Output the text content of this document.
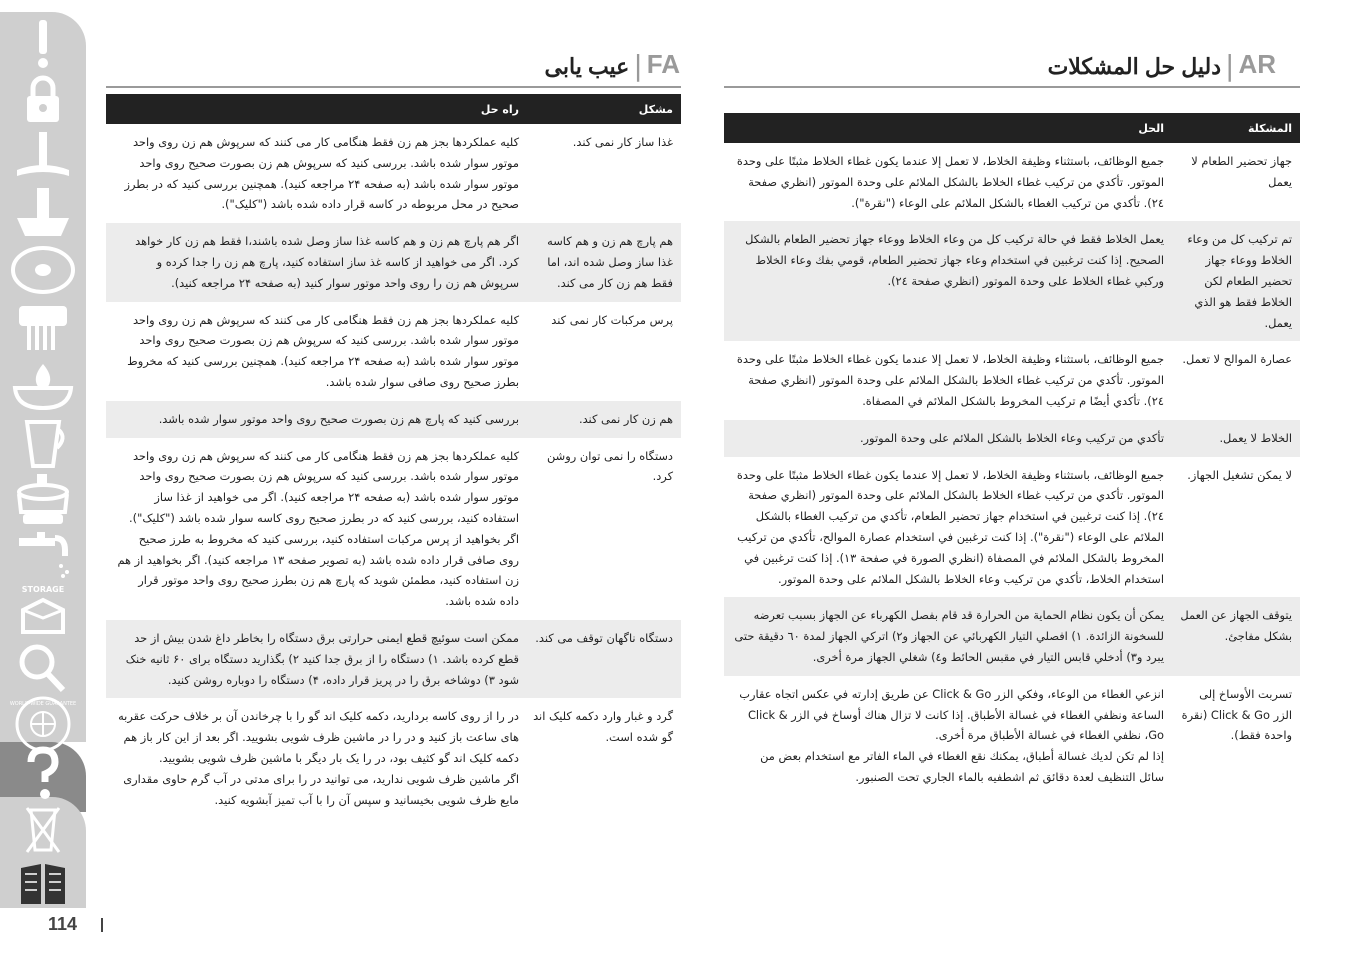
STORAGE
WORLD-WIDE GUARANTEE
114
عیب یابی | FA	دليل حل المشكلات | AR
مشکل
راه حل
غذا ساز کار نمی کند.
کلیه عملکردها بجز هم زن فقط هنگامی کار می کنند که سرپوش هم زن روی واحد موتور سوار شده باشد. بررسی کنید که سرپوش هم زن بصورت صحیح روی واحد موتور سوار شده باشد (به صفحه ۲۴ مراجعه کنید). همچنین بررسی کنید که در بطرز صحیح در محل مربوطه در کاسه قرار داده شده باشد ("کلیک").
هم پارچ هم زن و هم کاسه غذا ساز وصل شده اند، اما فقط هم زن کار می کند.
اگر هم پارچ هم زن و هم کاسه غذا ساز وصل شده باشند،ا فقط هم زن کار خواهد کرد. اگر می خواهید از کاسه غذ ساز استفاده کنید، پارچ هم زن را جدا کرده و سرپوش هم زن را روی واحد موتور سوار کنید (به صفحه ۲۴ مراجعه کنید).
پرس مرکبات کار نمی کند
کلیه عملکردها بجز هم زن فقط هنگامی کار می کنند که سرپوش هم زن روی واحد موتور سوار شده باشد. بررسی کنید که سرپوش هم زن بصورت صحیح روی واحد موتور سوار شده باشد (به صفحه ۲۴ مراجعه کنید). همچنین بررسی کنید که مخروط بطرز صحیح روی صافی سوار شده باشد.
هم زن کار نمی کند.
بررسی کنید که پارچ هم زن بصورت صحیح روی واحد موتور سوار شده باشد.
دستگاه را نمی توان روشن کرد.
کلیه عملکردها بجز هم زن فقط هنگامی کار می کنند که سرپوش هم زن روی واحد موتور سوار شده باشد. بررسی کنید که سرپوش هم زن بصورت صحیح روی واحد موتور سوار شده باشد (به صفحه ۲۴ مراجعه کنید). اگر می خواهید از غذا ساز استفاده کنید، بررسی کنید که در بطرز صحیح روی کاسه سوار شده باشد ("کلیک"). اگر بخواهید از پرس مرکبات استفاده کنید، بررسی کنید که مخروط به طرز صحیح روی صافی قرار داده شده باشد (به تصویر صفحه ۱۳ مراجعه کنید). اگر بخواهید از هم زن استفاده کنید، مطمئن شوید که پارچ هم زن بطرز صحیح روی واحد موتور قرار داده شده باشد.
دستگاه ناگهان توقف می کند.
ممکن است سوئیچ قطع ایمنی حرارتی برق دستگاه را بخاطر داغ شدن بیش از حد قطع کرده باشد. ۱) دستگاه را از برق جدا کنید ۲) بگذارید دستگاه برای ۶۰ ثانیه خنک شود ۳) دوشاخه برق را در پریز قرار داده، ۴) دستگاه را دوباره روشن کنید.
گرد و غبار وارد دکمه کلیک اند گو شده است.
در را از روی کاسه بردارید، دکمه کلیک اند گو را با چرخاندن آن بر خلاف حرکت عقربه های ساعت باز کنید و در را در ماشین ظرف شویی بشویید. اگر بعد از این کار باز هم دکمه کلیک اند گو کثیف بود، در را یک بار دیگر با ماشین ظرف شویی بشویید.
اگر ماشین ظرف شویی ندارید، می توانید در را برای مدتی در آب گرم حاوی مقداری مایع ظرف شویی بخیسانید و سپس آن را با آب تمیز آبشویه کنید.
المشكلة
الحل
جهاز تحضير الطعام لا يعمل
جميع الوظائف، باستثناء وظيفة الخلاط، لا تعمل إلا عندما يكون غطاء الخلاط مثبتًا على وحدة الموتور. تأكدي من تركيب غطاء الخلاط بالشكل الملائم على وحدة الموتور (انظري صفحة ٢٤). تأكدي من تركيب الغطاء بالشكل الملائم على الوعاء ("نقرة").
تم تركيب كل من وعاء الخلاط ووعاء جهاز تحضير الطعام لكن الخلاط فقط هو الذي يعمل.
يعمل الخلاط فقط في حالة تركيب كل من وعاء الخلاط ووعاء جهاز تحضير الطعام بالشكل الصحيح. إذا كنت ترغبين في استخدام وعاء جهاز تحضير الطعام، قومي بفك وعاء الخلاط وركبي غطاء الخلاط على وحدة الموتور (انظري صفحة ٢٤).
عصارة الموالح لا تعمل.
جميع الوظائف، باستثناء وظيفة الخلاط، لا تعمل إلا عندما يكون غطاء الخلاط مثبتًا على وحدة الموتور. تأكدي من تركيب غطاء الخلاط بالشكل الملائم على وحدة الموتور (انظري صفحة ٢٤). تأكدي أيضًا م تركيب المخروط بالشكل الملائم في المصفاة.
الخلاط لا يعمل.
تأكدي من تركيب وعاء الخلاط بالشكل الملائم على وحدة الموتور.
لا يمكن تشغيل الجهاز.
جميع الوظائف، باستثناء وظيفة الخلاط، لا تعمل إلا عندما يكون غطاء الخلاط مثبتًا على وحدة الموتور. تأكدي من تركيب غطاء الخلاط بالشكل الملائم على وحدة الموتور (انظري صفحة ٢٤). إذا كنت ترغبين في استخدام جهاز تحضير الطعام، تأكدي من تركيب الغطاء بالشكل الملائم على الوعاء ("نقرة"). إذا كنت ترغبين في استخدام عصارة الموالح، تأكدي من تركيب المخروط بالشكل الملائم في المصفاة (انظري الصورة في صفحة ١٣). إذا كنت ترغبين في استخدام الخلاط، تأكدي من تركيب وعاء الخلاط بالشكل الملائم على وحدة الموتور.
يتوقف الجهاز عن العمل بشكل مفاجئ.
يمكن أن يكون نظام الحماية من الحرارة قد قام بفصل الكهرباء عن الجهاز بسبب تعرضه للسخونة الزائدة. ١) افصلي التيار الكهربائي عن الجهاز و٢) اتركي الجهاز لمدة ٦٠ دقيقة حتى يبرد و٣) أدخلي قابس التيار في مقبس الحائط و٤) شغلي الجهاز مرة أخرى.
تسربت الأوساخ إلى الزر Click & Go (نقرة واحدة فقط).
انزعي الغطاء من الوعاء، وفكي الزر Click & Go عن طريق إدارته في عكس اتجاه عقارب الساعة ونظفي الغطاء في غسالة الأطباق. إذا كانت لا تزال هناك أوساخ في الزر Click & Go، نظفي الغطاء في غسالة الأطباق مرة أخرى.
إذا لم تكن لديك غسالة أطباق، يمكنك نقع الغطاء في الماء الفاتر مع استخدام بعض من سائل التنظيف لعدة دقائق ثم اشطفيه بالماء الجاري تحت الصنبور.
